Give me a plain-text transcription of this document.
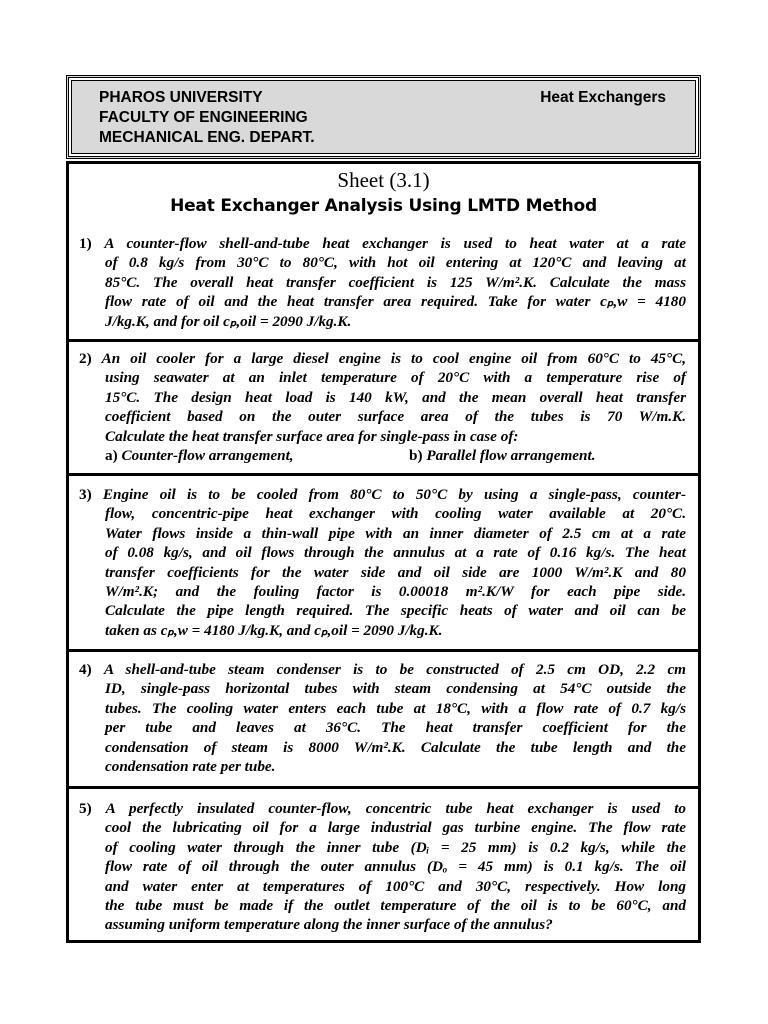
PHAROS UNIVERSITY
FACULTY OF ENGINEERING
MECHANICAL ENG. DEPART.
Heat Exchangers
Sheet (3.1)
Heat Exchanger Analysis Using LMTD Method
1) A counter-flow shell-and-tube heat exchanger is used to heat water at a rate
of 0.8 kg/s from 30°C to 80°C, with hot oil entering at 120°C and leaving at
85°C. The overall heat transfer coefficient is 125 W/m².K. Calculate the mass
flow rate of oil and the heat transfer area required. Take for water cₚ,w = 4180
J/kg.K, and for oil cₚ,oil = 2090 J/kg.K.
2) An oil cooler for a large diesel engine is to cool engine oil from 60°C to 45°C,
using seawater at an inlet temperature of 20°C with a temperature rise of
15°C. The design heat load is 140 kW, and the mean overall heat transfer
coefficient based on the outer surface area of the tubes is 70 W/m.K.
Calculate the heat transfer surface area for single-pass in case of:
a) Counter-flow arrangement,	b) Parallel flow arrangement.
3) Engine oil is to be cooled from 80°C to 50°C by using a single-pass, counter-
flow, concentric-pipe heat exchanger with cooling water available at 20°C.
Water flows inside a thin-wall pipe with an inner diameter of 2.5 cm at a rate
of 0.08 kg/s, and oil flows through the annulus at a rate of 0.16 kg/s. The heat
transfer coefficients for the water side and oil side are 1000 W/m².K and 80
W/m².K; and the fouling factor is 0.00018 m².K/W for each pipe side.
Calculate the pipe length required. The specific heats of water and oil can be
taken as cₚ,w = 4180 J/kg.K, and cₚ,oil = 2090 J/kg.K.
4) A shell-and-tube steam condenser is to be constructed of 2.5 cm OD, 2.2 cm
ID, single-pass horizontal tubes with steam condensing at 54°C outside the
tubes. The cooling water enters each tube at 18°C, with a flow rate of 0.7 kg/s
per tube and leaves at 36°C. The heat transfer coefficient for the
condensation of steam is 8000 W/m².K. Calculate the tube length and the
condensation rate per tube.
5) A perfectly insulated counter-flow, concentric tube heat exchanger is used to
cool the lubricating oil for a large industrial gas turbine engine. The flow rate
of cooling water through the inner tube (Dᵢ = 25 mm) is 0.2 kg/s, while the
flow rate of oil through the outer annulus (Dₒ = 45 mm) is 0.1 kg/s. The oil
and water enter at temperatures of 100°C and 30°C, respectively. How long
the tube must be made if the outlet temperature of the oil is to be 60°C, and
assuming uniform temperature along the inner surface of the annulus?
